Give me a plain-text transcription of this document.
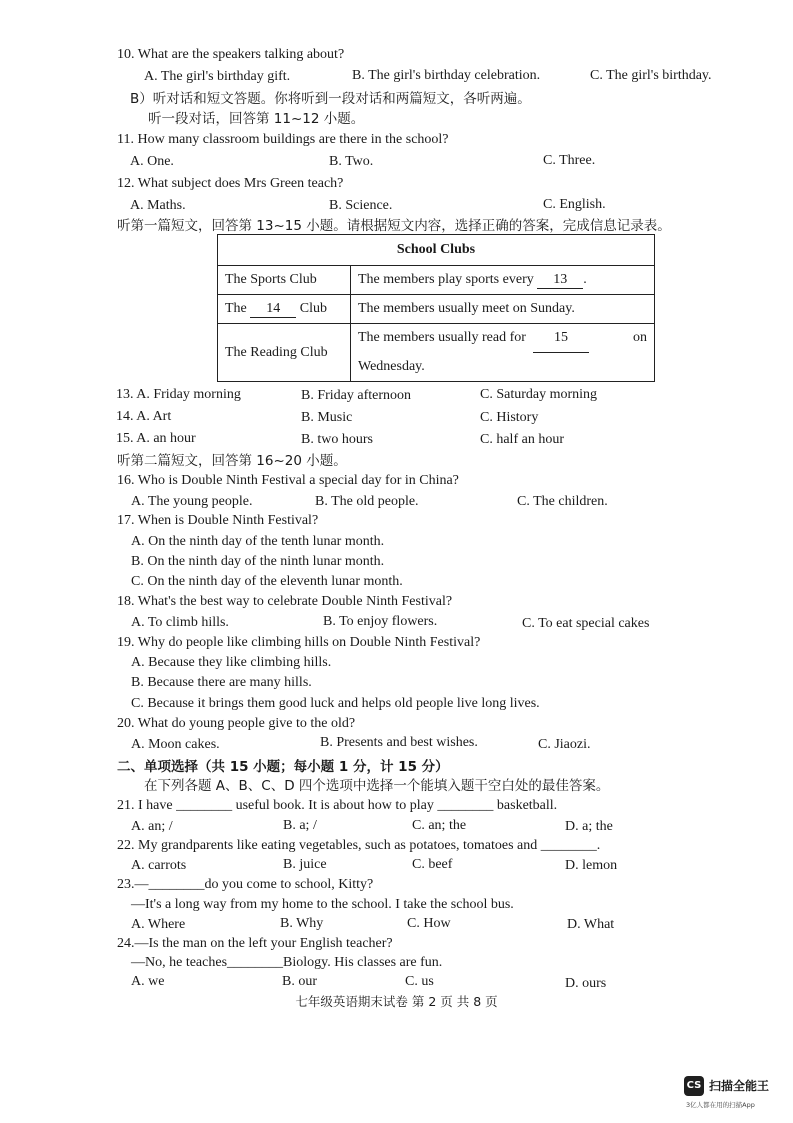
10. What are the speakers talking about?
A. The girl's birthday gift.	B. The girl's birthday celebration.	C. The girl's birthday.
B）听对话和短文答题。你将听到一段对话和两篇短文，各听两遍。
听一段对话，回答第 11~12 小题。
11. How many classroom buildings are there in the school?
A. One.	B. Two.	C. Three.
12. What subject does Mrs Green teach?
A. Maths.	B. Science.	C. English.
听第一篇短文，回答第 13~15 小题。请根据短文内容，选择正确的答案，完成信息记录表。
School Clubs	
The Sports Club	The members play sports every 13 .
The 14 Club	The members usually meet on Sunday.
The Reading Club	The members usually read for 15 on

Wednesday.
13. A. Friday morning	B. Friday afternoon	C. Saturday morning
14. A. Art	B. Music	C. History
15. A. an hour	B. two hours	C. half an hour
听第二篇短文，回答第 16~20 小题。
16. Who is Double Ninth Festival a special day for in China?
A. The young people.	B. The old people.	C. The children.
17. When is Double Ninth Festival?
A. On the ninth day of the tenth lunar month.
B. On the ninth day of the ninth lunar month.
C. On the ninth day of the eleventh lunar month.
18. What's the best way to celebrate Double Ninth Festival?
A. To climb hills.	B. To enjoy flowers.	C. To eat special cakes
19. Why do people like climbing hills on Double Ninth Festival?
A. Because they like climbing hills.
B. Because there are many hills.
C. Because it brings them good luck and helps old people live long lives.
20. What do young people give to the old?
A. Moon cakes.	B. Presents and best wishes.	C. Jiaozi.
二、单项选择（共 15 小题；每小题 1 分，计 15 分）
在下列各题 A、B、C、D 四个选项中选择一个能填入题干空白处的最佳答案。
21. I have ________ useful book. It is about how to play ________ basketball.
A. an; /	B. a; /	C. an; the	D. a; the
22. My grandparents like eating vegetables, such as potatoes, tomatoes and ________.
A. carrots	B. juice	C. beef	D. lemon
23.—________do you come to school, Kitty?
—It's a long way from my home to the school. I take the school bus.
A. Where	B. Why	C. How	D. What
24.—Is the man on the left your English teacher?
—No, he teaches________Biology. His classes are fun.
A. we	B. our	C. us	D. ours
七年级英语期末试卷 第 2 页 共 8 页
CS 扫描全能王
3亿人都在用的扫描App
